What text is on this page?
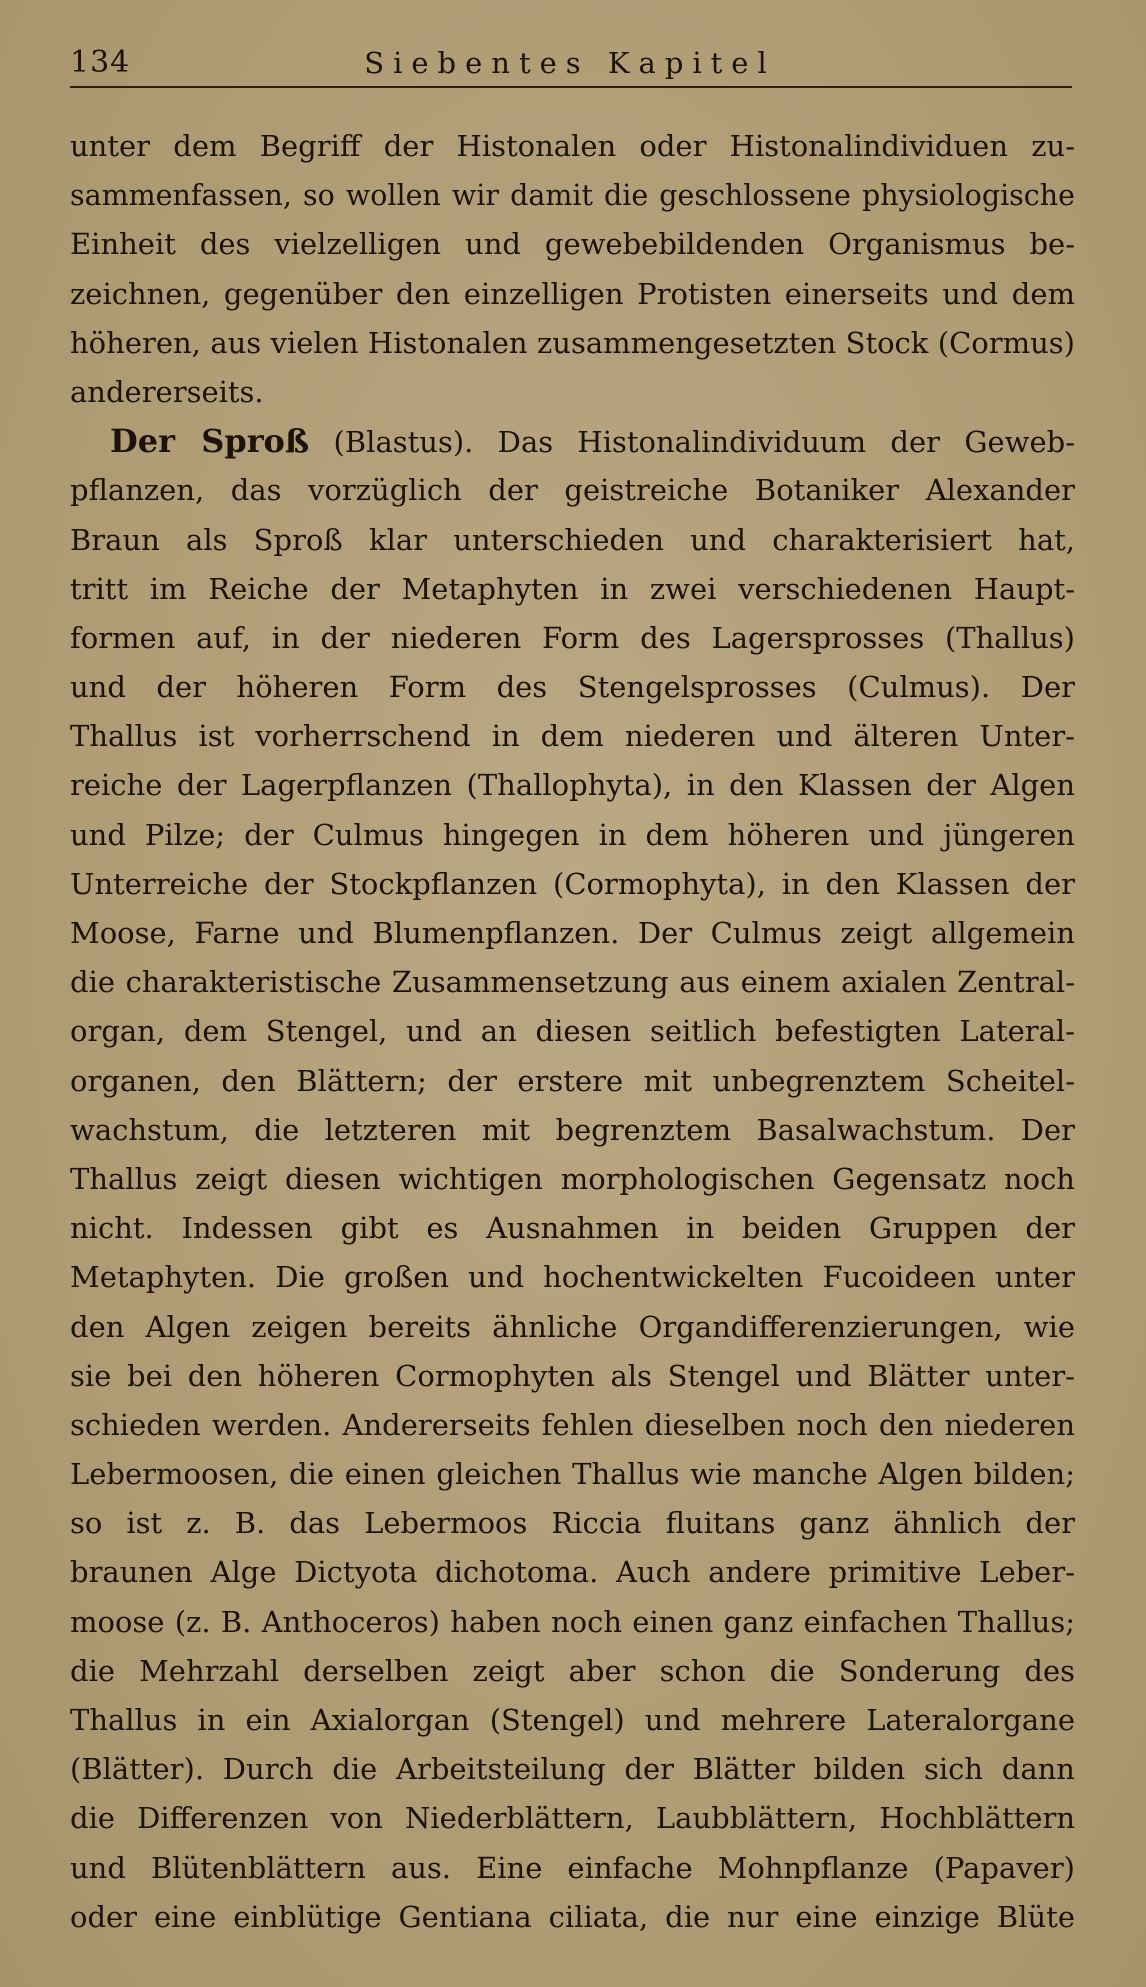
134	Siebentes Kapitel
unter dem Begriff der Histonalen oder Histonalindividuen zu-
sammenfassen, so wollen wir damit die geschlossene physiologische
Einheit des vielzelligen und gewebebildenden Organismus be-
zeichnen, gegenüber den einzelligen Protisten einerseits und dem
höheren, aus vielen Histonalen zusammengesetzten Stock (Cormus)
andererseits.
Der Sproß (Blastus). Das Histonalindividuum der Geweb-
pflanzen, das vorzüglich der geistreiche Botaniker Alexander
Braun als Sproß klar unterschieden und charakterisiert hat,
tritt im Reiche der Metaphyten in zwei verschiedenen Haupt-
formen auf, in der niederen Form des Lagersprosses (Thallus)
und der höheren Form des Stengelsprosses (Culmus). Der
Thallus ist vorherrschend in dem niederen und älteren Unter-
reiche der Lagerpflanzen (Thallophyta), in den Klassen der Algen
und Pilze; der Culmus hingegen in dem höheren und jüngeren
Unterreiche der Stockpflanzen (Cormophyta), in den Klassen der
Moose, Farne und Blumenpflanzen. Der Culmus zeigt allgemein
die charakteristische Zusammensetzung aus einem axialen Zentral-
organ, dem Stengel, und an diesen seitlich befestigten Lateral-
organen, den Blättern; der erstere mit unbegrenztem Scheitel-
wachstum, die letzteren mit begrenztem Basalwachstum. Der
Thallus zeigt diesen wichtigen morphologischen Gegensatz noch
nicht. Indessen gibt es Ausnahmen in beiden Gruppen der
Metaphyten. Die großen und hochentwickelten Fucoideen unter
den Algen zeigen bereits ähnliche Organdifferenzierungen, wie
sie bei den höheren Cormophyten als Stengel und Blätter unter-
schieden werden. Andererseits fehlen dieselben noch den niederen
Lebermoosen, die einen gleichen Thallus wie manche Algen bilden;
so ist z. B. das Lebermoos Riccia fluitans ganz ähnlich der
braunen Alge Dictyota dichotoma. Auch andere primitive Leber-
moose (z. B. Anthoceros) haben noch einen ganz einfachen Thallus;
die Mehrzahl derselben zeigt aber schon die Sonderung des
Thallus in ein Axialorgan (Stengel) und mehrere Lateralorgane
(Blätter). Durch die Arbeitsteilung der Blätter bilden sich dann
die Differenzen von Niederblättern, Laubblättern, Hochblättern
und Blütenblättern aus. Eine einfache Mohnpflanze (Papaver)
oder eine einblütige Gentiana ciliata, die nur eine einzige Blüte
